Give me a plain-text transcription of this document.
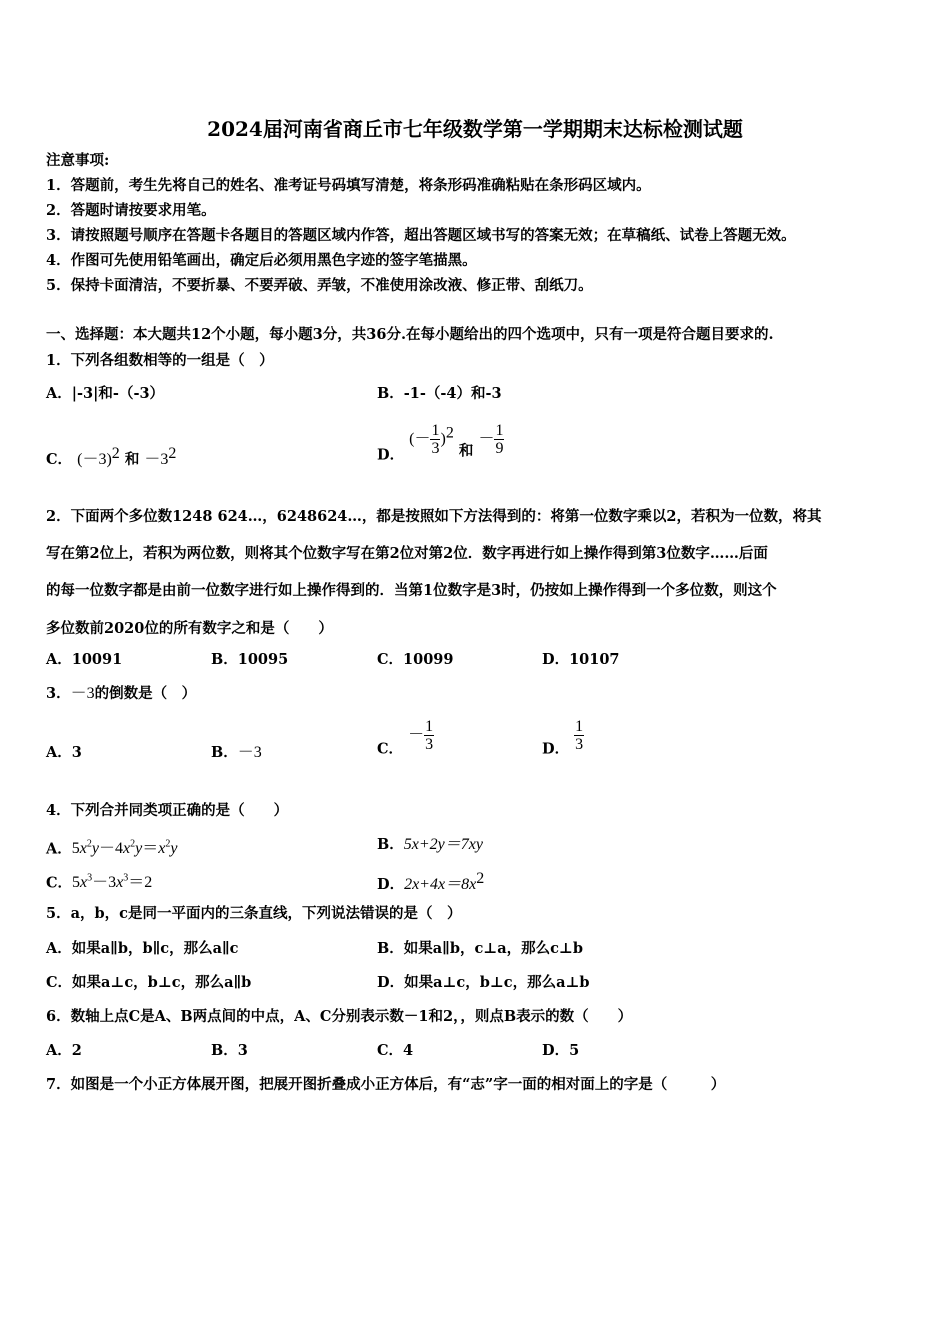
2024届河南省商丘市七年级数学第一学期期末达标检测试题
注意事项:
1．答题前，考生先将自己的姓名、准考证号码填写清楚，将条形码准确粘贴在条形码区域内。
2．答题时请按要求用笔。
3．请按照题号顺序在答题卡各题目的答题区域内作答，超出答题区域书写的答案无效；在草稿纸、试卷上答题无效。
4．作图可先使用铅笔画出，确定后必须用黑色字迹的签字笔描黑。
5．保持卡面清洁，不要折暴、不要弄破、弄皱，不准使用涂改液、修正带、刮纸刀。
一、选择题：本大题共12个小题，每小题3分，共36分.在每小题给出的四个选项中，只有一项是符合题目要求的.
1．下列各组数相等的一组是（　）
A．|-3|和-（-3）	B．-1-（-4）和-3
C． $(-3)^2$ 和 $-3^2$	D． (－ $\frac{1}{3} )^2$ 和 － $\frac{1}{9}$
2．下面两个多位数1248 624…，6248624…，都是按照如下方法得到的：将第一位数字乘以2，若积为一位数，将其
写在第2位上，若积为两位数，则将其个位数字写在第2位对第2位．数字再进行如上操作得到第3位数字……后面
的每一位数字都是由前一位数字进行如上操作得到的．当第1位数字是3时，仍按如上操作得到一个多位数，则这个
多位数前2020位的所有数字之和是（　　）
A．10091	B．10095	C．10099	D．10107
3．－3的倒数是（　）
A．3	B．－3	C． － $\frac{1}{3}$	D． $\frac{1}{3}$
4．下列合并同类项正确的是（　　）
A．$5x^2y-4x^2y=x^2y$	B．5x+2y＝7xy
C．$5x^3-3x^3=2$	D．$2x+4x=8x^2$
5．a，b，c是同一平面内的三条直线，下列说法错误的是（　）
A．如果a∥b，b∥c，那么a∥c	B．如果a∥b，c⊥a，那么c⊥b
C．如果a⊥c，b⊥c，那么a∥b	D．如果a⊥c，b⊥c，那么a⊥b
6．数轴上点C是A、B两点间的中点，A、C分别表示数－1和2，，则点B表示的数（　　）
A．2	B．3	C．4	D．5
7．如图是一个小正方体展开图，把展开图折叠成小正方体后，有“志”字一面的相对面上的字是（　　　）
